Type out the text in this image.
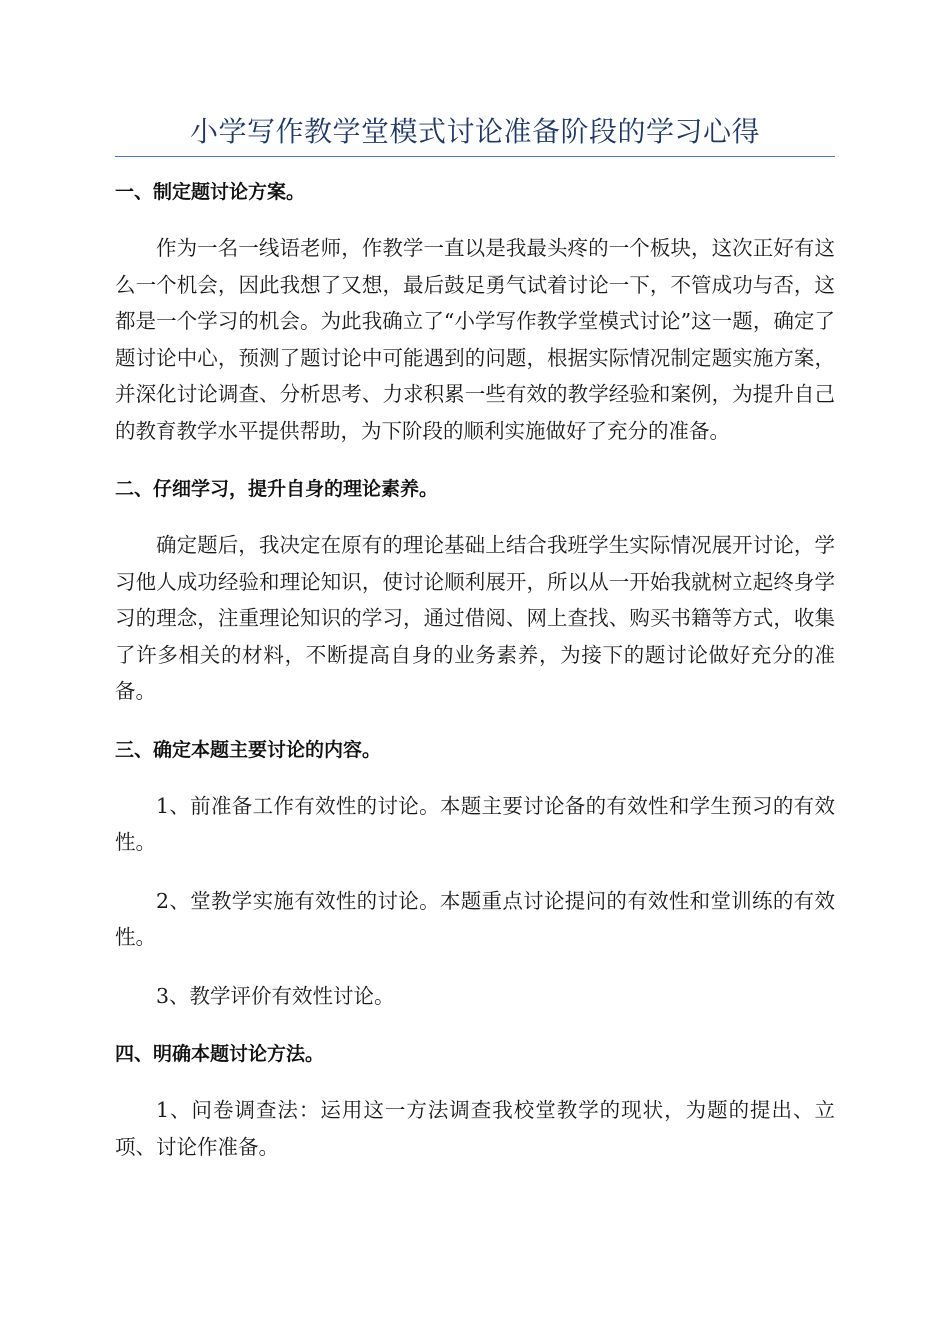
小学写作教学堂模式讨论准备阶段的学习心得
一、制定题讨论方案。

作为一名一线语老师，作教学一直以是我最头疼的一个板块，这次正好有这么一个机会，因此我想了又想，最后鼓足勇气试着讨论一下，不管成功与否，这都是一个学习的机会。为此我确立了“小学写作教学堂模式讨论”这一题，确定了题讨论中心，预测了题讨论中可能遇到的问题，根据实际情况制定题实施方案，并深化讨论调查、分析思考、力求积累一些有效的教学经验和案例，为提升自己的教育教学水平提供帮助，为下阶段的顺利实施做好了充分的准备。

二、仔细学习，提升自身的理论素养。

确定题后，我决定在原有的理论基础上结合我班学生实际情况展开讨论，学习他人成功经验和理论知识，使讨论顺利展开，所以从一开始我就树立起终身学习的理念，注重理论知识的学习，通过借阅、网上查找、购买书籍等方式，收集了许多相关的材料，不断提高自身的业务素养，为接下的题讨论做好充分的准备。

三、确定本题主要讨论的内容。

1、前准备工作有效性的讨论。本题主要讨论备的有效性和学生预习的有效性。

2、堂教学实施有效性的讨论。本题重点讨论提问的有效性和堂训练的有效性。

3、教学评价有效性讨论。

四、明确本题讨论方法。

1、问卷调查法：运用这一方法调查我校堂教学的现状，为题的提出、立项、讨论作准备。
